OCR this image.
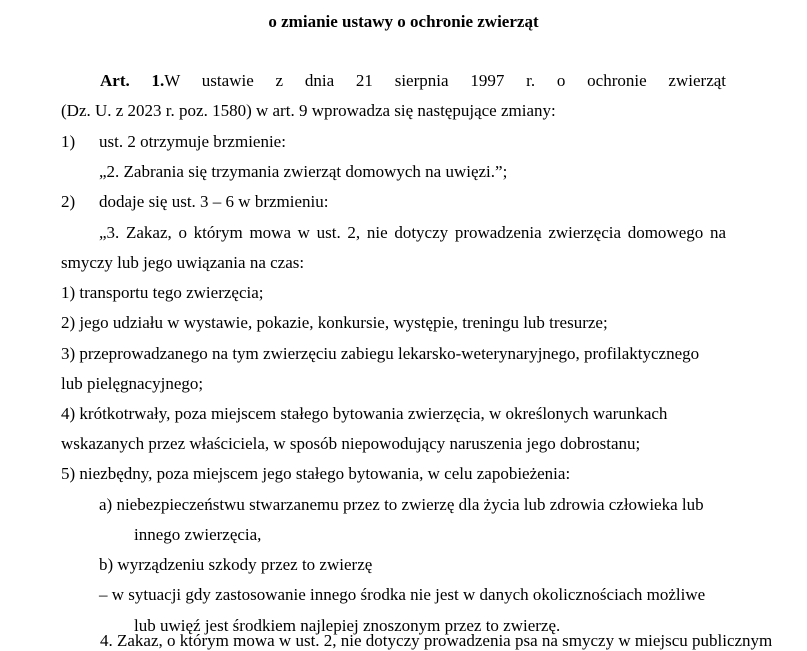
o zmianie ustawy o ochronie zwierząt
Art. 1.W ustawie z dnia 21 sierpnia 1997 r. o ochronie zwierząt
(Dz. U. z 2023 r. poz. 1580) w art. 9 wprowadza się następujące zmiany:
1) ust. 2 otrzymuje brzmienie:
„2. Zabrania się trzymania zwierząt domowych na uwięzi.”;
2) dodaje się ust. 3 – 6 w brzmieniu:
„3. Zakaz, o którym mowa w ust. 2, nie dotyczy prowadzenia zwierzęcia domowego na
smyczy lub jego uwiązania na czas:
1) transportu tego zwierzęcia;
2) jego udziału w wystawie, pokazie, konkursie, występie, treningu lub tresurze;
3) przeprowadzanego na tym zwierzęciu zabiegu lekarsko-weterynaryjnego, profilaktycznego
lub pielęgnacyjnego;
4) krótkotrwały, poza miejscem stałego bytowania zwierzęcia, w określonych warunkach
wskazanych przez właściciela, w sposób niepowodujący naruszenia jego dobrostanu;
5) niezbędny, poza miejscem jego stałego bytowania, w celu zapobieżenia:
a) niebezpieczeństwu stwarzanemu przez to zwierzę dla życia lub zdrowia człowieka lub
innego zwierzęcia,
b) wyrządzeniu szkody przez to zwierzę
– w sytuacji gdy zastosowanie innego środka nie jest w danych okolicznościach możliwe
lub uwięź jest środkiem najlepiej znoszonym przez to zwierzę.
4. Zakaz, o którym mowa w ust. 2, nie dotyczy prowadzenia psa na smyczy w miejscu publicznym
